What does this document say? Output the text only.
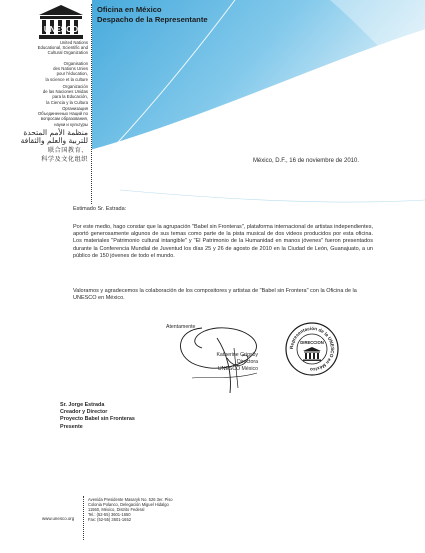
UNESCO
United Nations
Educational, Scientific and
Cultural Organization
Organisation
des Nations Unies
pour l'éducation,
la science et la culture
Organización
de las Naciones Unidas
para la Educación,
la Ciencia y la Cultura
Организация
Объединенных Наций по
вопросам образования,
науки и культуры
منظمة الأمم المتحدة
للتربية والعلم والثقافة
联合国教育、
科学及文化组织
Oficina en México
Despacho de la Representante
México, D.F., 16 de noviembre de 2010.
Estimado Sr. Estrada:
Por este medio, hago constar que la agrupación "Babel sin Fronteras", plataforma internacional de artistas independientes, aportó generosamente algunos de sus temas como parte de la pista musical de dos videos producidos por esta oficina. Los materiales "Patrimonio cultural intangible" y "El Patrimonio de la Humanidad en manos jóvenes" fueron presentados durante la Conferencia Mundial de Juventud los días 25 y 26 de agosto de 2010 en la Ciudad de León, Guanajuato, a un público de 150 jóvenes de todo el mundo.
Valoramos y agradecemos la colaboración de los compositores y artistas de "Babel sin Frontera" con la Oficina de la UNESCO en México.
Atentamente
Katherine Grigsby
Directora
UNESCO México
Representación de la UNESCO en México
DIRECCION
Sr. Jorge Estrada
Creador y Director
Proyecto Babel sin Fronteras
Presente
www.unesco.org
Avenida Presidente Masaryk No. 526 3er. Piso
Colonia Polanco, Delegación Miguel Hidalgo
11560, México, Distrito Federal
Tel.: (52-55) 3601-1650
Fax: (52-55) 3601-1652
